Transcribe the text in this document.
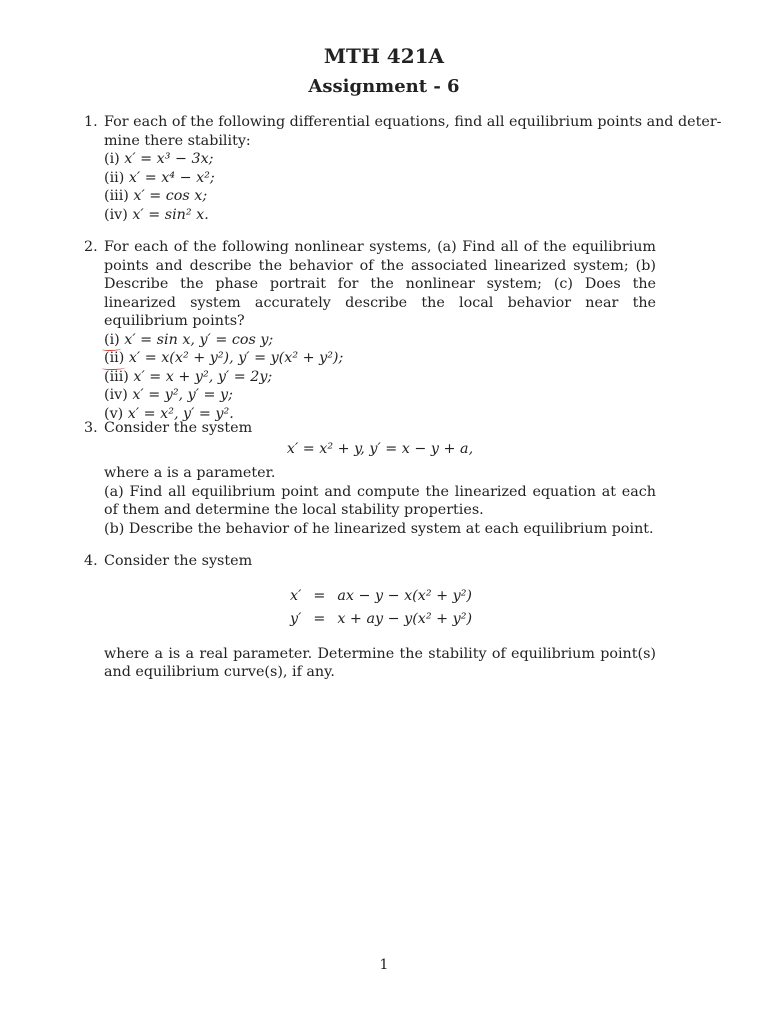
MTH 421A
Assignment - 6
1. For each of the following differential equations, find all equilibrium points and deter-
mine there stability:
(i) x′ = x³ − 3x;
(ii) x′ = x⁴ − x²;
(iii) x′ = cos x;
(iv) x′ = sin² x.
2. For each of the following nonlinear systems, (a) Find all of the equilibrium points and describe the behavior of the associated linearized system; (b) Describe the phase portrait for the nonlinear system; (c) Does the linearized system accurately describe the local behavior near the equilibrium points?
(i) x′ = sin x, y′ = cos y;
(ii) x′ = x(x² + y²), y′ = y(x² + y²);
(iii) x′ = x + y², y′ = 2y;
(iv) x′ = y², y′ = y;
(v) x′ = x², y′ = y².
3. Consider the system
x′ = x² + y, y′ = x − y + a,
where a is a parameter.
(a) Find all equilibrium point and compute the linearized equation at each of them and determine the local stability properties.
(b) Describe the behavior of he linearized system at each equilibrium point.
4. Consider the system
x′	=	ax − y − x(x² + y²)
y′	=	x + ay − y(x² + y²)
where a is a real parameter. Determine the stability of equilibrium point(s) and equilibrium curve(s), if any.
1
